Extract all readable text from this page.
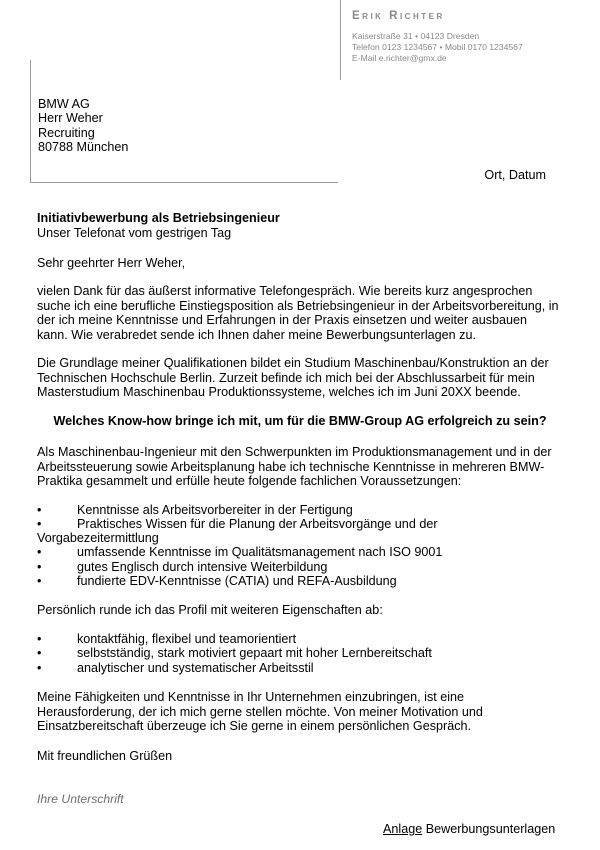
Erik Richter
Kaiserstraße 31 • 04123 Dresden
Telefon 0123 1234567 • Mobil 0170 1234567
E-Mail e.richter@gmx.de
BMW AG
Herr Weher
Recruiting
80788 München
Ort, Datum
Initiativbewerbung als Betriebsingenieur
Unser Telefonat vom gestrigen Tag
Sehr geehrter Herr Weher,
vielen Dank für das äußerst informative Telefongespräch. Wie bereits kurz angesprochen suche ich eine berufliche Einstiegsposition als Betriebsingenieur in der Arbeitsvorbereitung, in der ich meine Kenntnisse und Erfahrungen in der Praxis einsetzen und weiter ausbauen kann. Wie verabredet sende ich Ihnen daher meine Bewerbungsunterlagen zu.
Die Grundlage meiner Qualifikationen bildet ein Studium Maschinenbau/Konstruktion an der Technischen Hochschule Berlin. Zurzeit befinde ich mich bei der Abschlussarbeit für mein Masterstudium Maschinenbau Produktionssysteme, welches ich im Juni 20XX beende.
Welches Know-how bringe ich mit, um für die BMW-Group AG erfolgreich zu sein?
Als Maschinenbau-Ingenieur mit den Schwerpunkten im Produktionsmanagement und in der Arbeitssteuerung sowie Arbeitsplanung habe ich technische Kenntnisse in mehreren BMW-Praktika gesammelt und erfülle heute folgende fachlichen Voraussetzungen:
•	Kenntnisse als Arbeitsvorbereiter in der Fertigung
•	Praktisches Wissen für die Planung der Arbeitsvorgänge und der
Vorgabezeitermittlung
•	umfassende Kenntnisse im Qualitätsmanagement nach ISO 9001
•	gutes Englisch durch intensive Weiterbildung
•	fundierte EDV-Kenntnisse (CATIA) und REFA-Ausbildung
Persönlich runde ich das Profil mit weiteren Eigenschaften ab:
•	kontaktfähig, flexibel und teamorientiert
•	selbstständig, stark motiviert gepaart mit hoher Lernbereitschaft
•	analytischer und systematischer Arbeitsstil
Meine Fähigkeiten und Kenntnisse in Ihr Unternehmen einzubringen, ist eine Herausforderung, der ich mich gerne stellen möchte. Von meiner Motivation und Einsatzbereitschaft überzeuge ich Sie gerne in einem persönlichen Gespräch.
Mit freundlichen Grüßen
Ihre Unterschrift
Anlage Bewerbungsunterlagen
